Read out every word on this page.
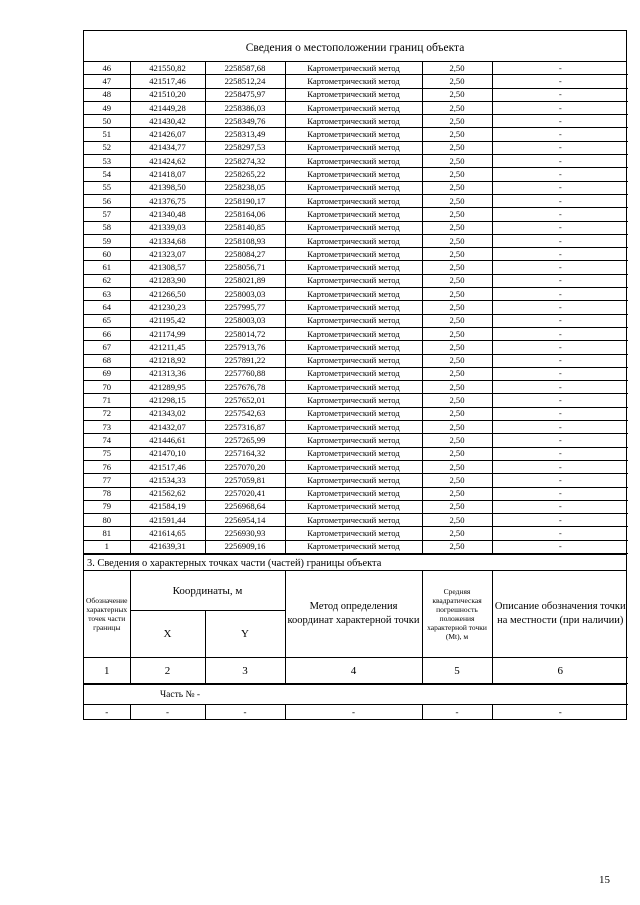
Сведения о местоположении границ объекта
46	421550,82	2258587,68	Картометрический метод	2,50	-
47	421517,46	2258512,24	Картометрический метод	2,50	-
48	421510,20	2258475,97	Картометрический метод	2,50	-
49	421449,28	2258386,03	Картометрический метод	2,50	-
50	421430,42	2258349,76	Картометрический метод	2,50	-
51	421426,07	2258313,49	Картометрический метод	2,50	-
52	421434,77	2258297,53	Картометрический метод	2,50	-
53	421424,62	2258274,32	Картометрический метод	2,50	-
54	421418,07	2258265,22	Картометрический метод	2,50	-
55	421398,50	2258238,05	Картометрический метод	2,50	-
56	421376,75	2258190,17	Картометрический метод	2,50	-
57	421340,48	2258164,06	Картометрический метод	2,50	-
58	421339,03	2258140,85	Картометрический метод	2,50	-
59	421334,68	2258108,93	Картометрический метод	2,50	-
60	421323,07	2258084,27	Картометрический метод	2,50	-
61	421308,57	2258056,71	Картометрический метод	2,50	-
62	421283,90	2258021,89	Картометрический метод	2,50	-
63	421266,50	2258003,03	Картометрический метод	2,50	-
64	421230,23	2257995,77	Картометрический метод	2,50	-
65	421195,42	2258003,03	Картометрический метод	2,50	-
66	421174,99	2258014,72	Картометрический метод	2,50	-
67	421211,45	2257913,76	Картометрический метод	2,50	-
68	421218,92	2257891,22	Картометрический метод	2,50	-
69	421313,36	2257760,88	Картометрический метод	2,50	-
70	421289,95	2257676,78	Картометрический метод	2,50	-
71	421298,15	2257652,01	Картометрический метод	2,50	-
72	421343,02	2257542,63	Картометрический метод	2,50	-
73	421432,07	2257316,87	Картометрический метод	2,50	-
74	421446,61	2257265,99	Картометрический метод	2,50	-
75	421470,10	2257164,32	Картометрический метод	2,50	-
76	421517,46	2257070,20	Картометрический метод	2,50	-
77	421534,33	2257059,81	Картометрический метод	2,50	-
78	421562,62	2257020,41	Картометрический метод	2,50	-
79	421584,19	2256968,64	Картометрический метод	2,50	-
80	421591,44	2256954,14	Картометрический метод	2,50	-
81	421614,65	2256930,93	Картометрический метод	2,50	-
1	421639,31	2256909,16	Картометрический метод	2,50	-
3. Сведения о характерных точках части (частей) границы объекта
Обозначение характерных точек части границы	Координаты, м		Метод определения координат характерной точки	Средняя квадратическая погрешность положения характерной точки (Mt), м	Описание обозначения точки на местности (при наличии)
	X	Y			
1	2	3	4	5	6
Часть № -
-	-	-	-	-	-
15
